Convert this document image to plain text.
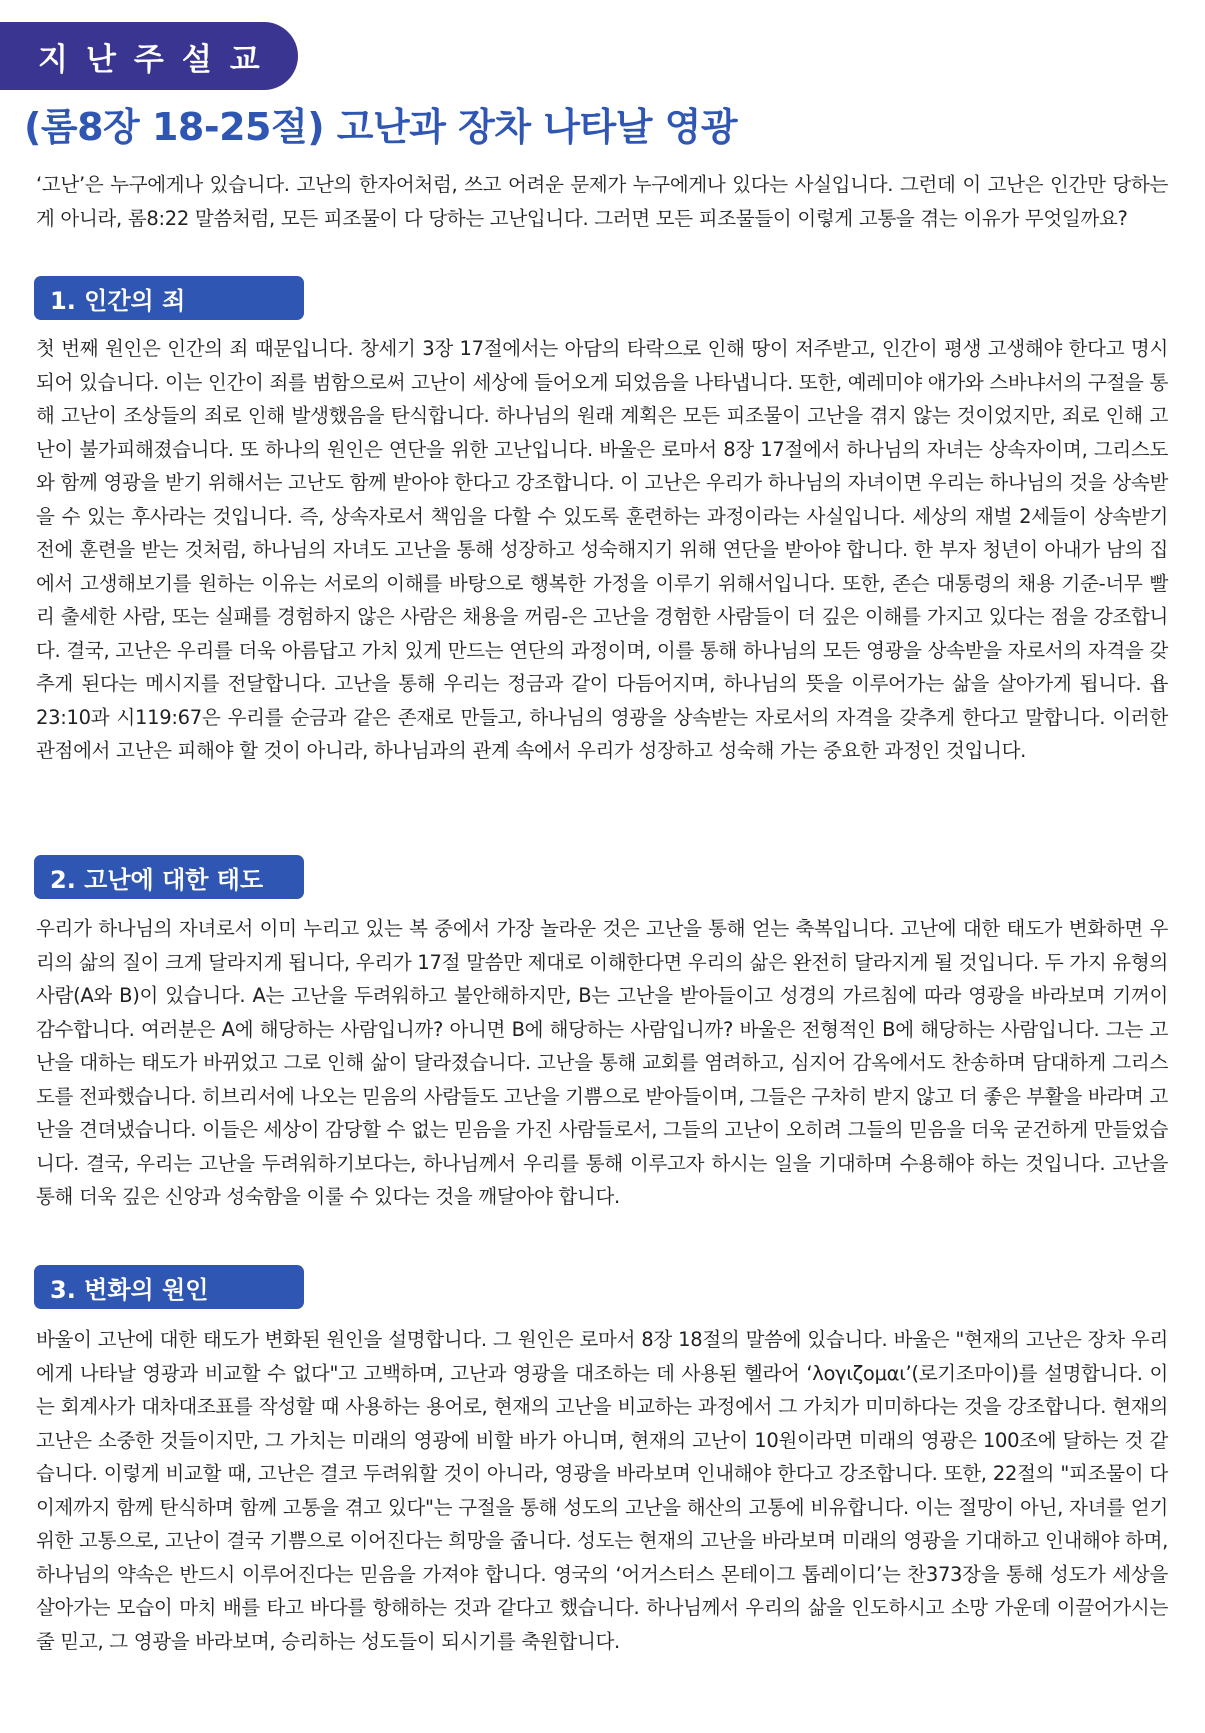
지난주설교
(롬8장 18-25절) 고난과 장차 나타날 영광

‘고난’은 누구에게나 있습니다. 고난의 한자어처럼, 쓰고 어려운 문제가 누구에게나 있다는 사실입니다. 그런데 이 고난은 인간만 당하는게 아니라, 롬8:22 말씀처럼, 모든 피조물이 다 당하는 고난입니다. 그러면 모든 피조물들이 이렇게 고통을 겪는 이유가 무엇일까요?

1. 인간의 죄

첫 번째 원인은 인간의 죄 때문입니다. 창세기 3장 17절에서는 아담의 타락으로 인해 땅이 저주받고, 인간이 평생 고생해야 한다고 명시되어 있습니다. 이는 인간이 죄를 범함으로써 고난이 세상에 들어오게 되었음을 나타냅니다. 또한, 예레미야 애가와 스바냐서의 구절을 통해 고난이 조상들의 죄로 인해 발생했음을 탄식합니다. 하나님의 원래 계획은 모든 피조물이 고난을 겪지 않는 것이었지만, 죄로 인해 고난이 불가피해졌습니다. 또 하나의 원인은 연단을 위한 고난입니다. 바울은 로마서 8장 17절에서 하나님의 자녀는 상속자이며, 그리스도와 함께 영광을 받기 위해서는 고난도 함께 받아야 한다고 강조합니다. 이 고난은 우리가 하나님의 자녀이면 우리는 하나님의 것을 상속받을 수 있는 후사라는 것입니다. 즉, 상속자로서 책임을 다할 수 있도록 훈련하는 과정이라는 사실입니다. 세상의 재벌 2세들이 상속받기 전에 훈련을 받는 것처럼, 하나님의 자녀도 고난을 통해 성장하고 성숙해지기 위해 연단을 받아야 합니다. 한 부자 청년이 아내가 남의 집에서 고생해보기를 원하는 이유는 서로의 이해를 바탕으로 행복한 가정을 이루기 위해서입니다. 또한, 존슨 대통령의 채용 기준-너무 빨리 출세한 사람, 또는 실패를 경험하지 않은 사람은 채용을 꺼림-은 고난을 경험한 사람들이 더 깊은 이해를 가지고 있다는 점을 강조합니다. 결국, 고난은 우리를 더욱 아름답고 가치 있게 만드는 연단의 과정이며, 이를 통해 하나님의 모든 영광을 상속받을 자로서의 자격을 갖추게 된다는 메시지를 전달합니다. 고난을 통해 우리는 정금과 같이 다듬어지며, 하나님의 뜻을 이루어가는 삶을 살아가게 됩니다. 욥 23:10과 시119:67은 우리를 순금과 같은 존재로 만들고, 하나님의 영광을 상속받는 자로서의 자격을 갖추게 한다고 말합니다. 이러한 관점에서 고난은 피해야 할 것이 아니라, 하나님과의 관계 속에서 우리가 성장하고 성숙해 가는 중요한 과정인 것입니다.

2. 고난에 대한 태도

우리가 하나님의 자녀로서 이미 누리고 있는 복 중에서 가장 놀라운 것은 고난을 통해 얻는 축복입니다. 고난에 대한 태도가 변화하면 우리의 삶의 질이 크게 달라지게 됩니다, 우리가 17절 말씀만 제대로 이해한다면 우리의 삶은 완전히 달라지게 될 것입니다. 두 가지 유형의 사람(A와 B)이 있습니다. A는 고난을 두려워하고 불안해하지만, B는 고난을 받아들이고 성경의 가르침에 따라 영광을 바라보며 기꺼이 감수합니다. 여러분은 A에 해당하는 사람입니까? 아니면 B에 해당하는 사람입니까? 바울은 전형적인 B에 해당하는 사람입니다. 그는 고난을 대하는 태도가 바뀌었고 그로 인해 삶이 달라졌습니다. 고난을 통해 교회를 염려하고, 심지어 감옥에서도 찬송하며 담대하게 그리스도를 전파했습니다. 히브리서에 나오는 믿음의 사람들도 고난을 기쁨으로 받아들이며, 그들은 구차히 받지 않고 더 좋은 부활을 바라며 고난을 견뎌냈습니다. 이들은 세상이 감당할 수 없는 믿음을 가진 사람들로서, 그들의 고난이 오히려 그들의 믿음을 더욱 굳건하게 만들었습니다. 결국, 우리는 고난을 두려워하기보다는, 하나님께서 우리를 통해 이루고자 하시는 일을 기대하며 수용해야 하는 것입니다. 고난을 통해 더욱 깊은 신앙과 성숙함을 이룰 수 있다는 것을 깨달아야 합니다.

3. 변화의 원인

바울이 고난에 대한 태도가 변화된 원인을 설명합니다. 그 원인은 로마서 8장 18절의 말씀에 있습니다. 바울은 "현재의 고난은 장차 우리에게 나타날 영광과 비교할 수 없다"고 고백하며, 고난과 영광을 대조하는 데 사용된 헬라어 ‘λογιζομαι’(로기조마이)를 설명합니다. 이는 회계사가 대차대조표를 작성할 때 사용하는 용어로, 현재의 고난을 비교하는 과정에서 그 가치가 미미하다는 것을 강조합니다. 현재의 고난은 소중한 것들이지만, 그 가치는 미래의 영광에 비할 바가 아니며, 현재의 고난이 10원이라면 미래의 영광은 100조에 달하는 것 같습니다. 이렇게 비교할 때, 고난은 결코 두려워할 것이 아니라, 영광을 바라보며 인내해야 한다고 강조합니다. 또한, 22절의 "피조물이 다 이제까지 함께 탄식하며 함께 고통을 겪고 있다"는 구절을 통해 성도의 고난을 해산의 고통에 비유합니다. 이는 절망이 아닌, 자녀를 얻기 위한 고통으로, 고난이 결국 기쁨으로 이어진다는 희망을 줍니다. 성도는 현재의 고난을 바라보며 미래의 영광을 기대하고 인내해야 하며, 하나님의 약속은 반드시 이루어진다는 믿음을 가져야 합니다. 영국의 ‘어거스터스 몬테이그 톱레이디’는 찬373장을 통해 성도가 세상을 살아가는 모습이 마치 배를 타고 바다를 항해하는 것과 같다고 했습니다. 하나님께서 우리의 삶을 인도하시고 소망 가운데 이끌어가시는 줄 믿고, 그 영광을 바라보며, 승리하는 성도들이 되시기를 축원합니다.
